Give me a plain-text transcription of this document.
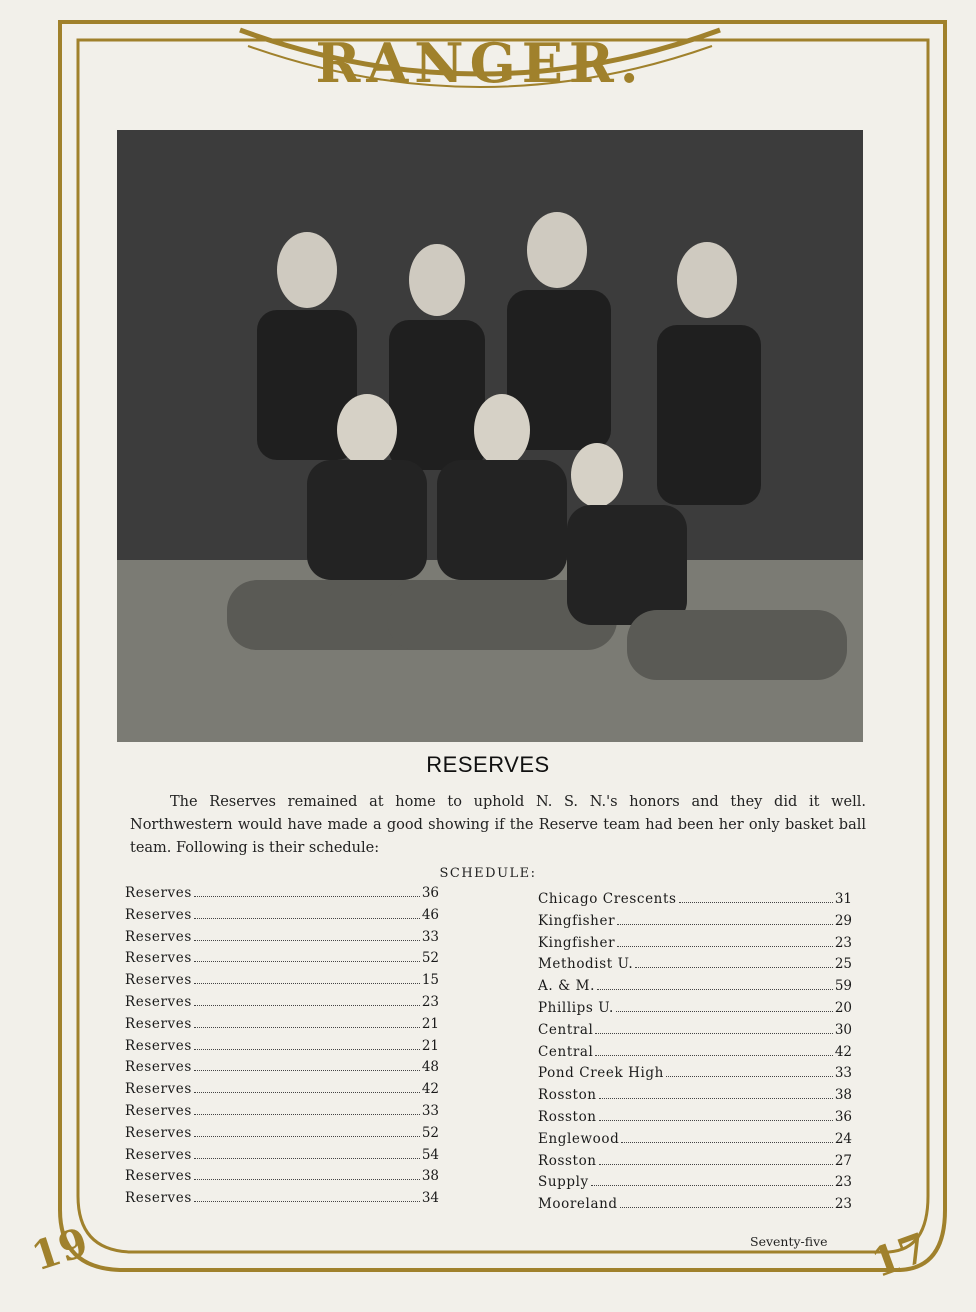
RANGER.
RESERVES

The Reserves remained at home to uphold N. S. N.'s honors and they did it well. Northwestern would have made a good showing if the Reserve team had been her only basket ball team. Following is their schedule:

SCHEDULE:
Reserves	36
Reserves	46
Reserves	33
Reserves	52
Reserves	15
Reserves	23
Reserves	21
Reserves	21
Reserves	48
Reserves	42
Reserves	33
Reserves	52
Reserves	54
Reserves	38
Reserves	34
Chicago Crescents	31
Kingfisher	29
Kingfisher	23
Methodist U.	25
A. & M.	59
Phillips U.	20
Central	30
Central	42
Pond Creek High	33
Rosston	38
Rosston	36
Englewood	24
Rosston	27
Supply	23
Mooreland	23
Seventy-five
19	17
